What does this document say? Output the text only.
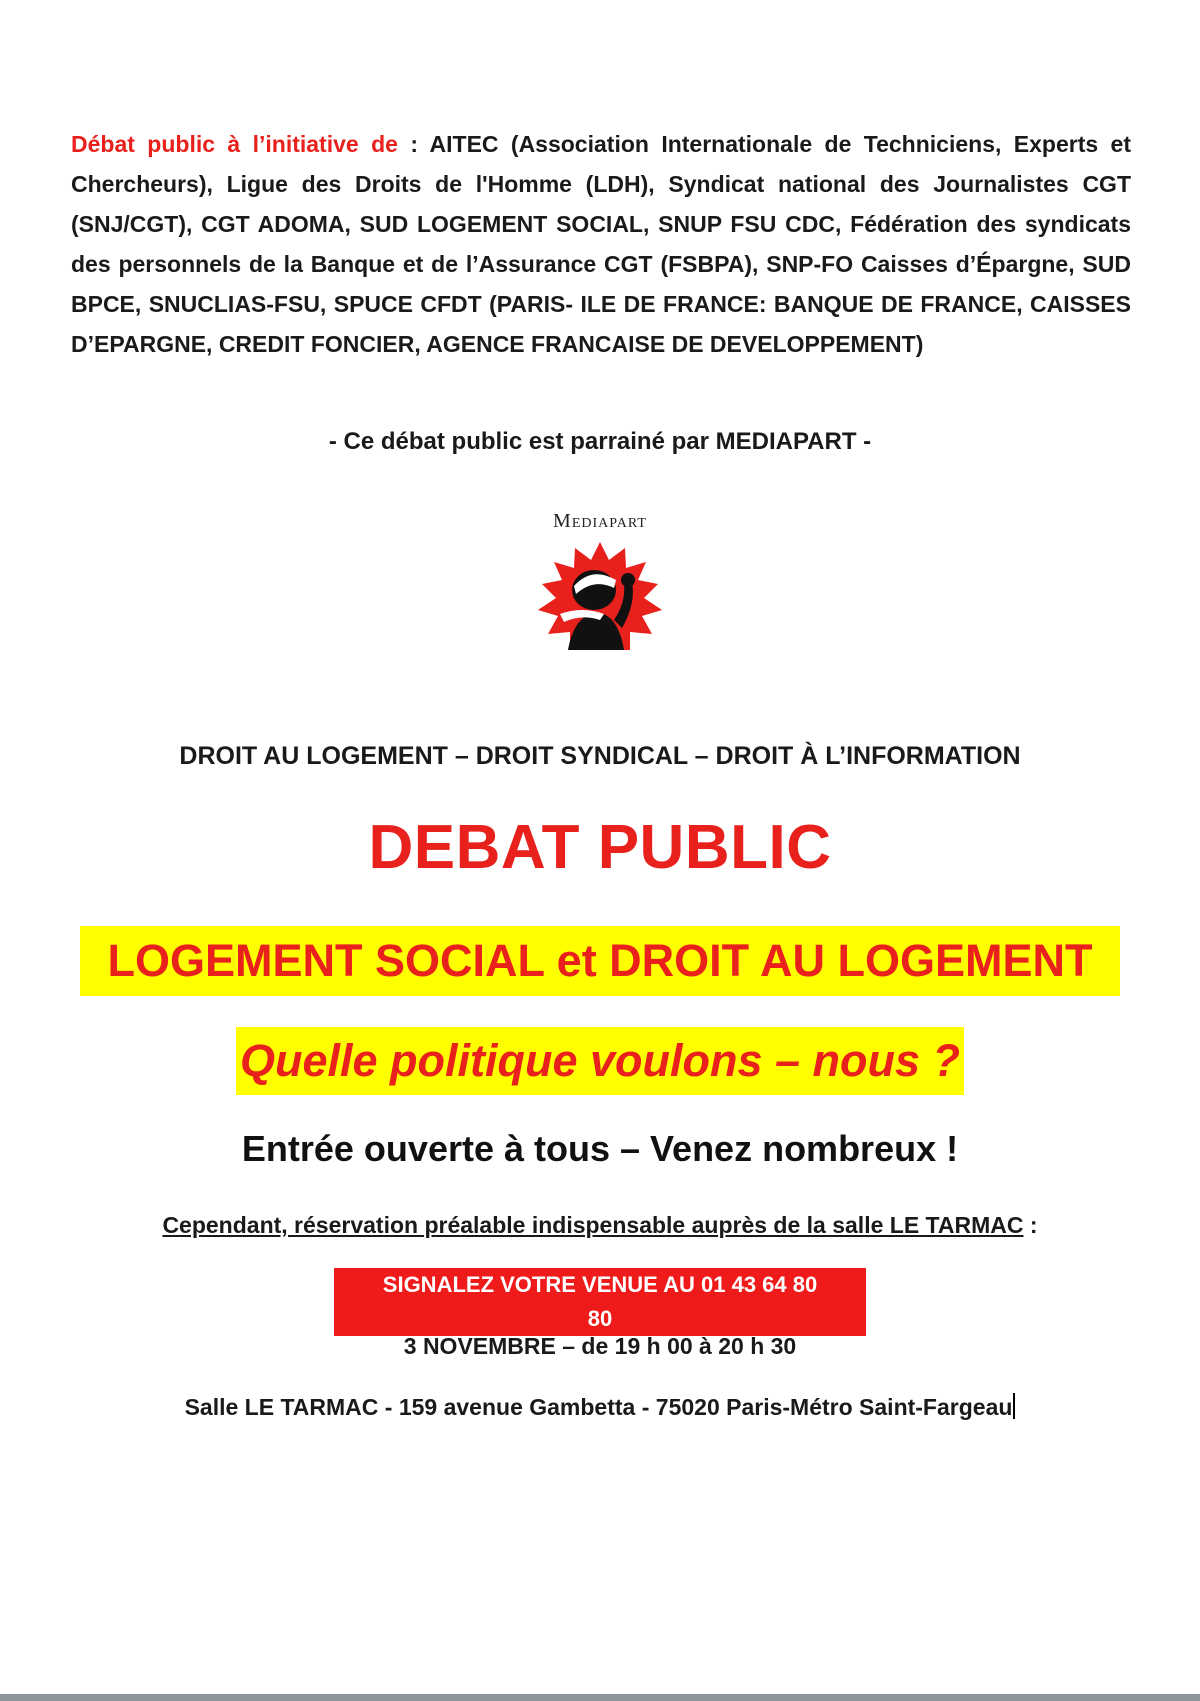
Débat public à l’initiative de : AITEC (Association Internationale de Techniciens, Experts et Chercheurs), Ligue des Droits de l'Homme (LDH), Syndicat national des Journalistes CGT (SNJ/CGT), CGT ADOMA, SUD LOGEMENT SOCIAL, SNUP FSU CDC, Fédération des syndicats des personnels de la Banque et de l’Assurance CGT (FSBPA), SNP-FO Caisses d’Épargne, SUD BPCE, SNUCLIAS-FSU, SPUCE CFDT (PARIS- ILE DE FRANCE: BANQUE DE FRANCE, CAISSES D’EPARGNE, CREDIT FONCIER, AGENCE FRANCAISE DE DEVELOPPEMENT)

- Ce débat public est parrainé par MEDIAPART -
Mediapart
DROIT AU LOGEMENT – DROIT SYNDICAL – DROIT À L’INFORMATION
DEBAT PUBLIC
LOGEMENT SOCIAL et DROIT AU LOGEMENT
Quelle politique voulons – nous ?
Entrée ouverte à tous – Venez nombreux !
Cependant, réservation préalable indispensable auprès de la salle LE TARMAC :
SIGNALEZ VOTRE VENUE AU 01 43 64 80 80
3 NOVEMBRE – de 19 h 00 à 20 h 30
Salle LE TARMAC - 159 avenue Gambetta - 75020 Paris-Métro Saint-Fargeau
